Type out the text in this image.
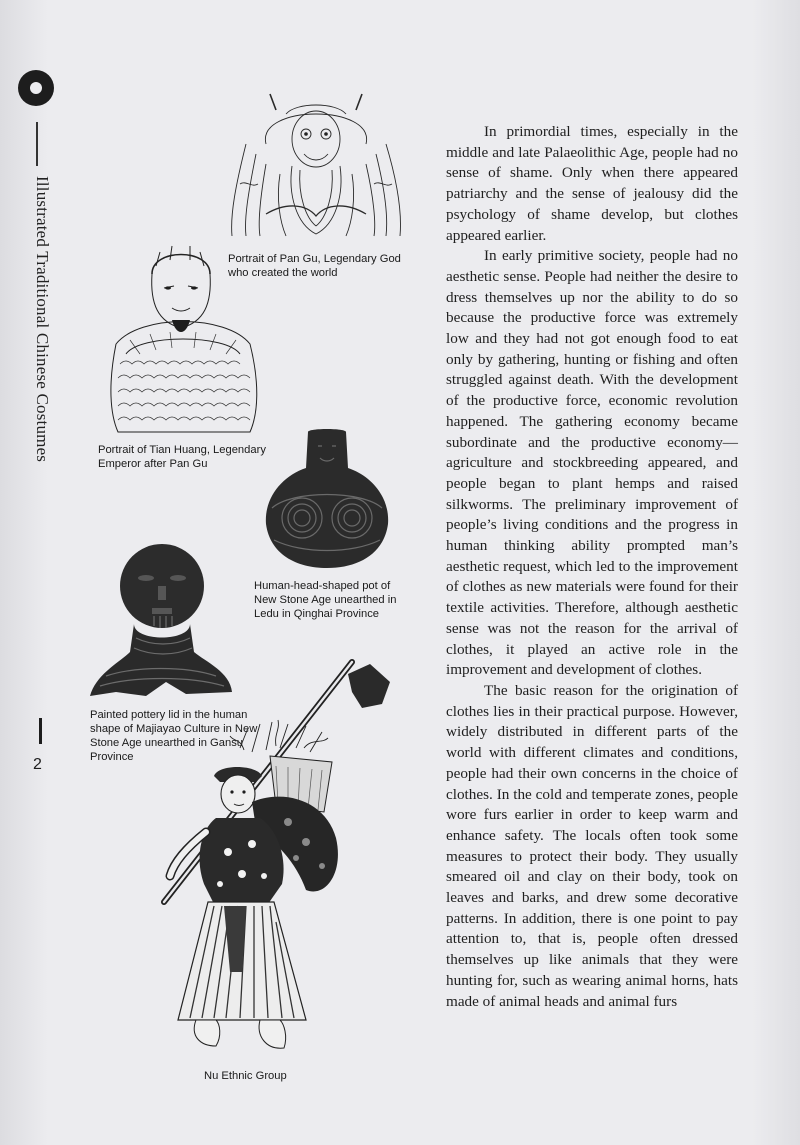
Illustrated Traditional Chinese Costumes
2
Portrait of Pan Gu, Legendary God who created the world
Portrait of Tian Huang, Legendary Emperor after Pan Gu
Human-head-shaped pot of New Stone Age unearthed in Ledu in Qinghai Province
Painted pottery lid in the human shape of Majiayao Culture in New Stone Age unearthed in Gansu Province
Nu Ethnic Group

In primordial times, especially in the middle and late Palaeolithic Age, people had no sense of shame. Only when there appeared patriarchy and the sense of jealousy did the psychology of shame develop, but clothes appeared earlier.

In early primitive society, people had no aesthetic sense. People had neither the desire to dress themselves up nor the ability to do so because the productive force was extremely low and they had not got enough food to eat only by gathering, hunting or fishing and often struggled against death. With the development of the productive force, economic revolution happened. The gathering economy became subordinate and the productive economy—agriculture and stockbreeding appeared, and people began to plant hemps and raised silkworms. The preliminary improvement of people’s living conditions and the progress in human thinking ability prompted man’s aesthetic request, which led to the improvement of clothes as new materials were found for their textile activities. Therefore, although aesthetic sense was not the reason for the arrival of clothes, it played an active role in the improvement and development of clothes.

The basic reason for the origination of clothes lies in their practical purpose. However, widely distributed in different parts of the world with different climates and conditions, people had their own concerns in the choice of clothes. In the cold and temperate zones, people wore furs earlier in order to keep warm and enhance safety. The locals often took some measures to protect their body. They usually smeared oil and clay on their body, took on leaves and barks, and drew some decorative patterns. In addition, there is one point to pay attention to, that is, people often dressed themselves up like animals that they were hunting for, such as wearing animal horns, hats made of animal heads and animal furs
